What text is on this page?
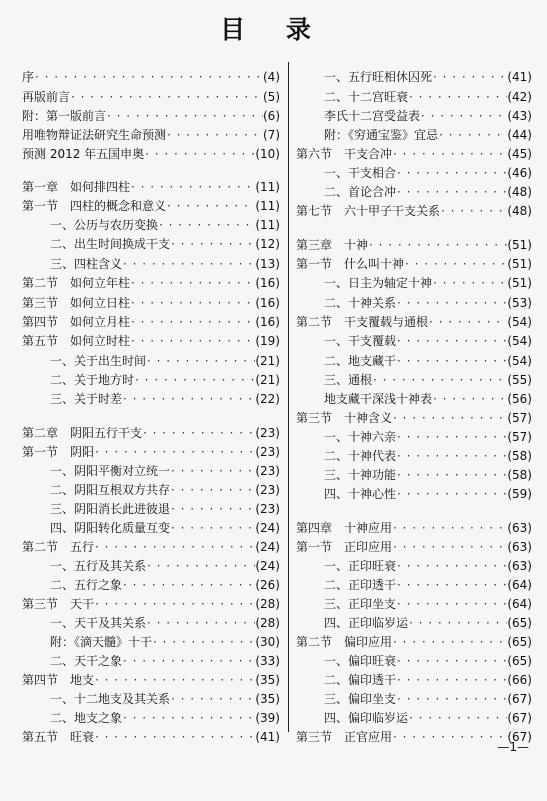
目 录
序 · · ·	(4)
再版前言 · · ·	(5)
附：第一版前言 · · ·	(6)
用唯物辩证法研究生命预测 · · ·	(7)
预测 2012 年五国申奥 · · ·	(10)
第一章　如何排四柱 · · ·	(11)
第一节　四柱的概念和意义 · · ·	(11)
一、公历与农历变换 · · ·	(11)
二、出生时间换成干支 · · ·	(12)
三、四柱含义 · · ·	(13)
第二节　如何立年柱 · · ·	(16)
第三节　如何立日柱 · · ·	(16)
第四节　如何立月柱 · · ·	(16)
第五节　如何立时柱 · · ·	(19)
一、关于出生时间 · · ·	(21)
二、关于地方时 · · ·	(21)
三、关于时差 · · ·	(22)
第二章　阴阳五行干支 · · ·	(23)
第一节　阴阳 · · ·	(23)
一、阴阳平衡对立统一 · · ·	(23)
二、阴阳互根双方共存 · · ·	(23)
三、阴阳消长此进彼退 · · ·	(23)
四、阴阳转化质量互变 · · ·	(24)
第二节　五行 · · ·	(24)
一、五行及其关系 · · ·	(24)
二、五行之象 · · ·	(26)
第三节　天干 · · ·	(28)
一、天干及其关系 · · ·	(28)
附：《滴天髓》十干 · · ·	(30)
二、天干之象 · · ·	(33)
第四节　地支 · · ·	(35)
一、十二地支及其关系 · · ·	(35)
二、地支之象 · · ·	(39)
第五节　旺衰 · · ·	(41)
一、五行旺相休囚死 · · ·	(41)
二、十二宫旺衰 · · ·	(42)
李氏十二宫受益表 · · ·	(43)
附：《穷通宝鉴》宜忌 · · ·	(44)
第六节　干支合冲 · · ·	(45)
一、干支相合 · · ·	(46)
二、首论合冲 · · ·	(48)
第七节　六十甲子干支关系 · · ·	(48)
第三章　十神 · · ·	(51)
第一节　什么叫十神 · · ·	(51)
一、日主为轴定十神 · · ·	(51)
二、十神关系 · · ·	(53)
第二节　干支覆载与通根 · · ·	(54)
一、干支覆载 · · ·	(54)
二、地支藏干 · · ·	(54)
三、通根 · · ·	(55)
地支藏干深浅十神表 · · ·	(56)
第三节　十神含义 · · ·	(57)
一、十神六亲 · · ·	(57)
二、十神代表 · · ·	(58)
三、十神功能 · · ·	(58)
四、十神心性 · · ·	(59)
第四章　十神应用 · · ·	(63)
第一节　正印应用 · · ·	(63)
一、正印旺衰 · · ·	(63)
二、正印透干 · · ·	(64)
三、正印坐支 · · ·	(64)
四、正印临岁运 · · ·	(65)
第二节　偏印应用 · · ·	(65)
一、偏印旺衰 · · ·	(65)
二、偏印透干 · · ·	(66)
三、偏印坐支 · · ·	(67)
四、偏印临岁运 · · ·	(67)
第三节　正官应用 · · ·	(67)
—1—
